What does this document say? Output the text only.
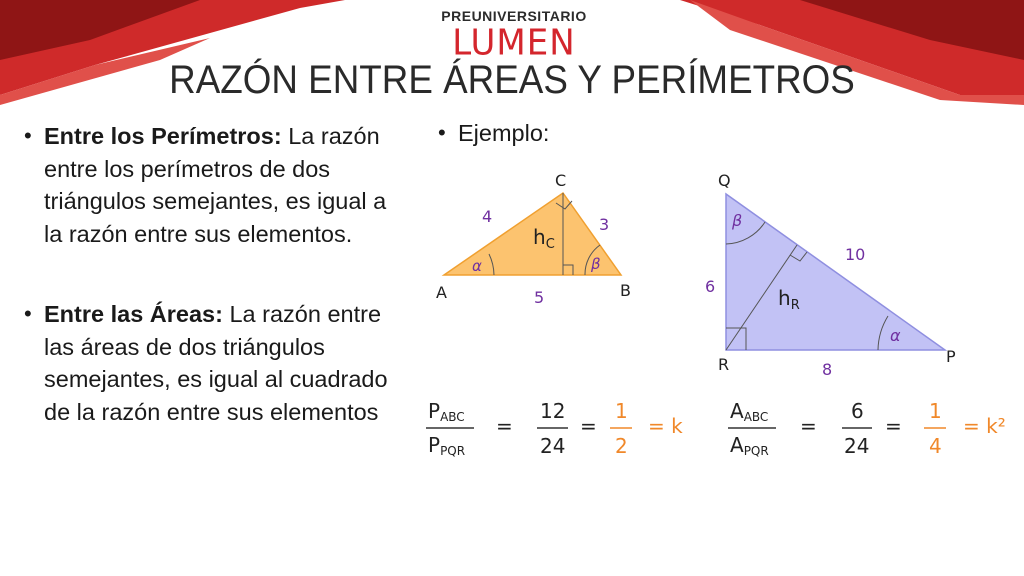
PREUNIVERSITARIO
LUMEN
RAZÓN ENTRE ÁREAS Y PERÍMETROS
• Entre los Perímetros: La razón entre los perímetros de dos triángulos semejantes, es igual a la razón entre sus elementos.
• Entre las Áreas: La razón entre las áreas de dos triángulos semejantes, es igual al cuadrado de la razón entre sus elementos
• Ejemplo:
α	β
A	B
C
4	3
5
$h_C$
β
α
Q
R	P
6
10
8
$h_R$
PABC
PPQR
=
12
24
=
1
2
= k
AABC
APQR
=
6
24
=
1
4
= k²
